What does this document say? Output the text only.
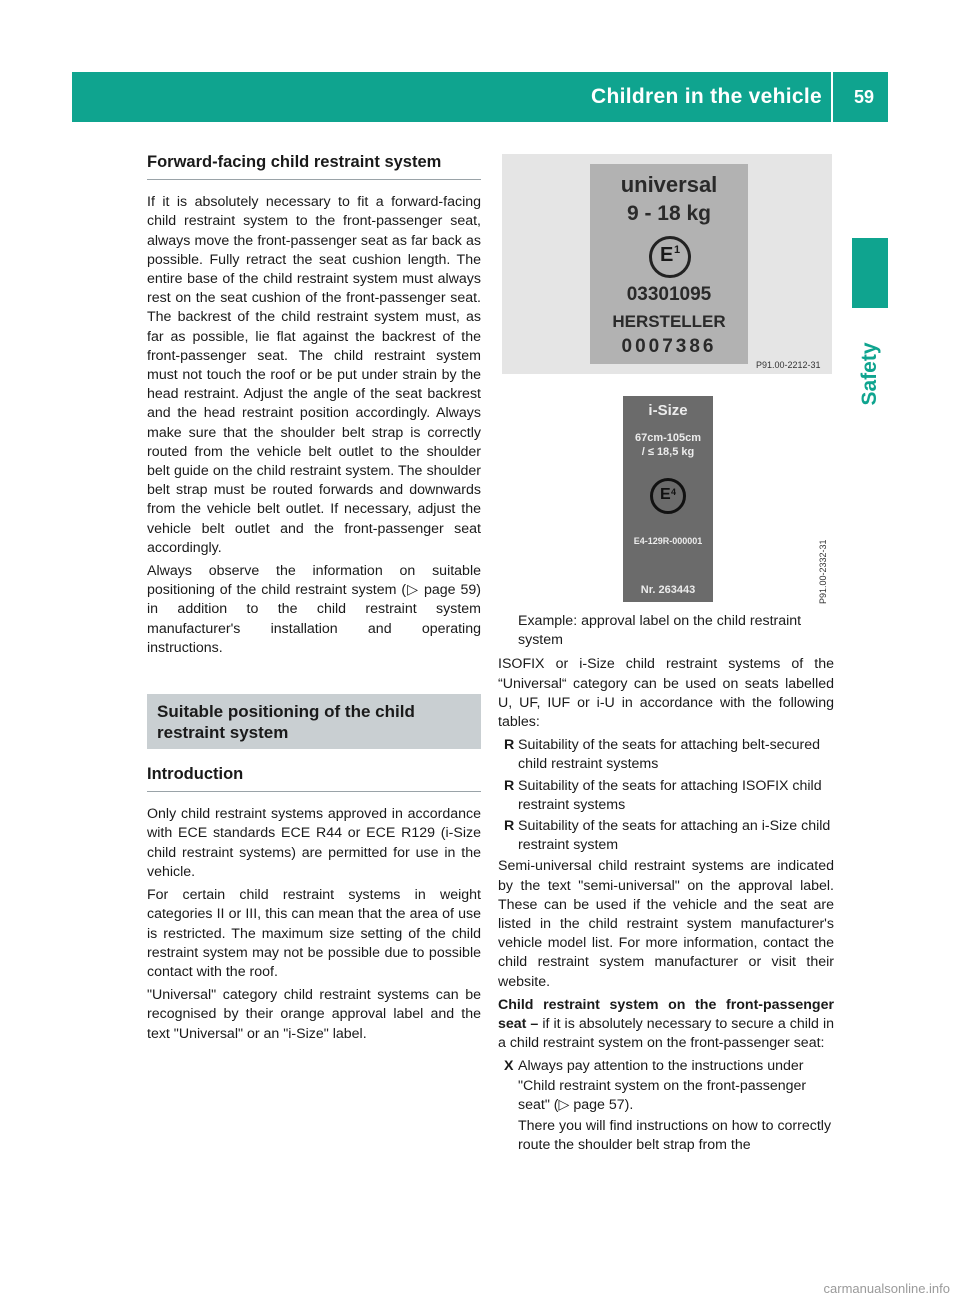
Children in the vehicle 59
Safety
Forward-facing child restraint system

If it is absolutely necessary to fit a forward-facing child restraint system to the front-passenger seat, always move the front-passenger seat as far back as possible. Fully retract the seat cushion length. The entire base of the child restraint system must always rest on the seat cushion of the front-passenger seat. The backrest of the child restraint system must, as far as possible, lie flat against the backrest of the front-passenger seat. The child restraint system must not touch the roof or be put under strain by the head restraint. Adjust the angle of the seat backrest and the head restraint position accordingly. Always make sure that the shoulder belt strap is correctly routed from the vehicle belt outlet to the shoulder belt guide on the child restraint system. The shoulder belt strap must be routed forwards and downwards from the vehicle belt outlet. If necessary, adjust the vehicle belt outlet and the front-passenger seat accordingly.

Always observe the information on suitable positioning of the child restraint system (▷ page 59) in addition to the child restraint system manufacturer's installation and operating instructions.

Suitable positioning of the child restraint system
Introduction

Only child restraint systems approved in accordance with ECE standards ECE R44 or ECE R129 (i-Size child restraint systems) are permitted for use in the vehicle.

For certain child restraint systems in weight categories II or III, this can mean that the area of use is restricted. The maximum size setting of the child restraint system may not be possible due to possible contact with the roof.

"Universal" category child restraint systems can be recognised by their orange approval label and the text "Universal" or an "i-Size" label.

universal
9 - 18 kg
E 1
03301095
HERSTELLER
0007386
P91.00-2212-31
i-Size
67cm-105cm
/ ≤ 18,5 kg
E 4
E4-129R-000001
Nr. 263443	P91.00-2332-31
Example: approval label on the child restraint system

ISOFIX or i-Size child restraint systems of the “Universal“ category can be used on seats labelled U, UF, IUF or i-U in accordance with the following tables:

R Suitability of the seats for attaching belt-secured child restraint systems
R Suitability of the seats for attaching ISOFIX child restraint systems
R Suitability of the seats for attaching an i-Size child restraint system

Semi-universal child restraint systems are indicated by the text "semi-universal" on the approval label. These can be used if the vehicle and the seat are listed in the child restraint system manufacturer's vehicle model list. For more information, contact the child restraint system manufacturer or visit their website.

Child restraint system on the front-passenger seat – if it is absolutely necessary to secure a child in a child restraint system on the front-passenger seat:

X Always pay attention to the instructions under "Child restraint system on the front-passenger seat" (▷ page 57).
There you will find instructions on how to correctly route the shoulder belt strap from the
carmanualsonline.info
